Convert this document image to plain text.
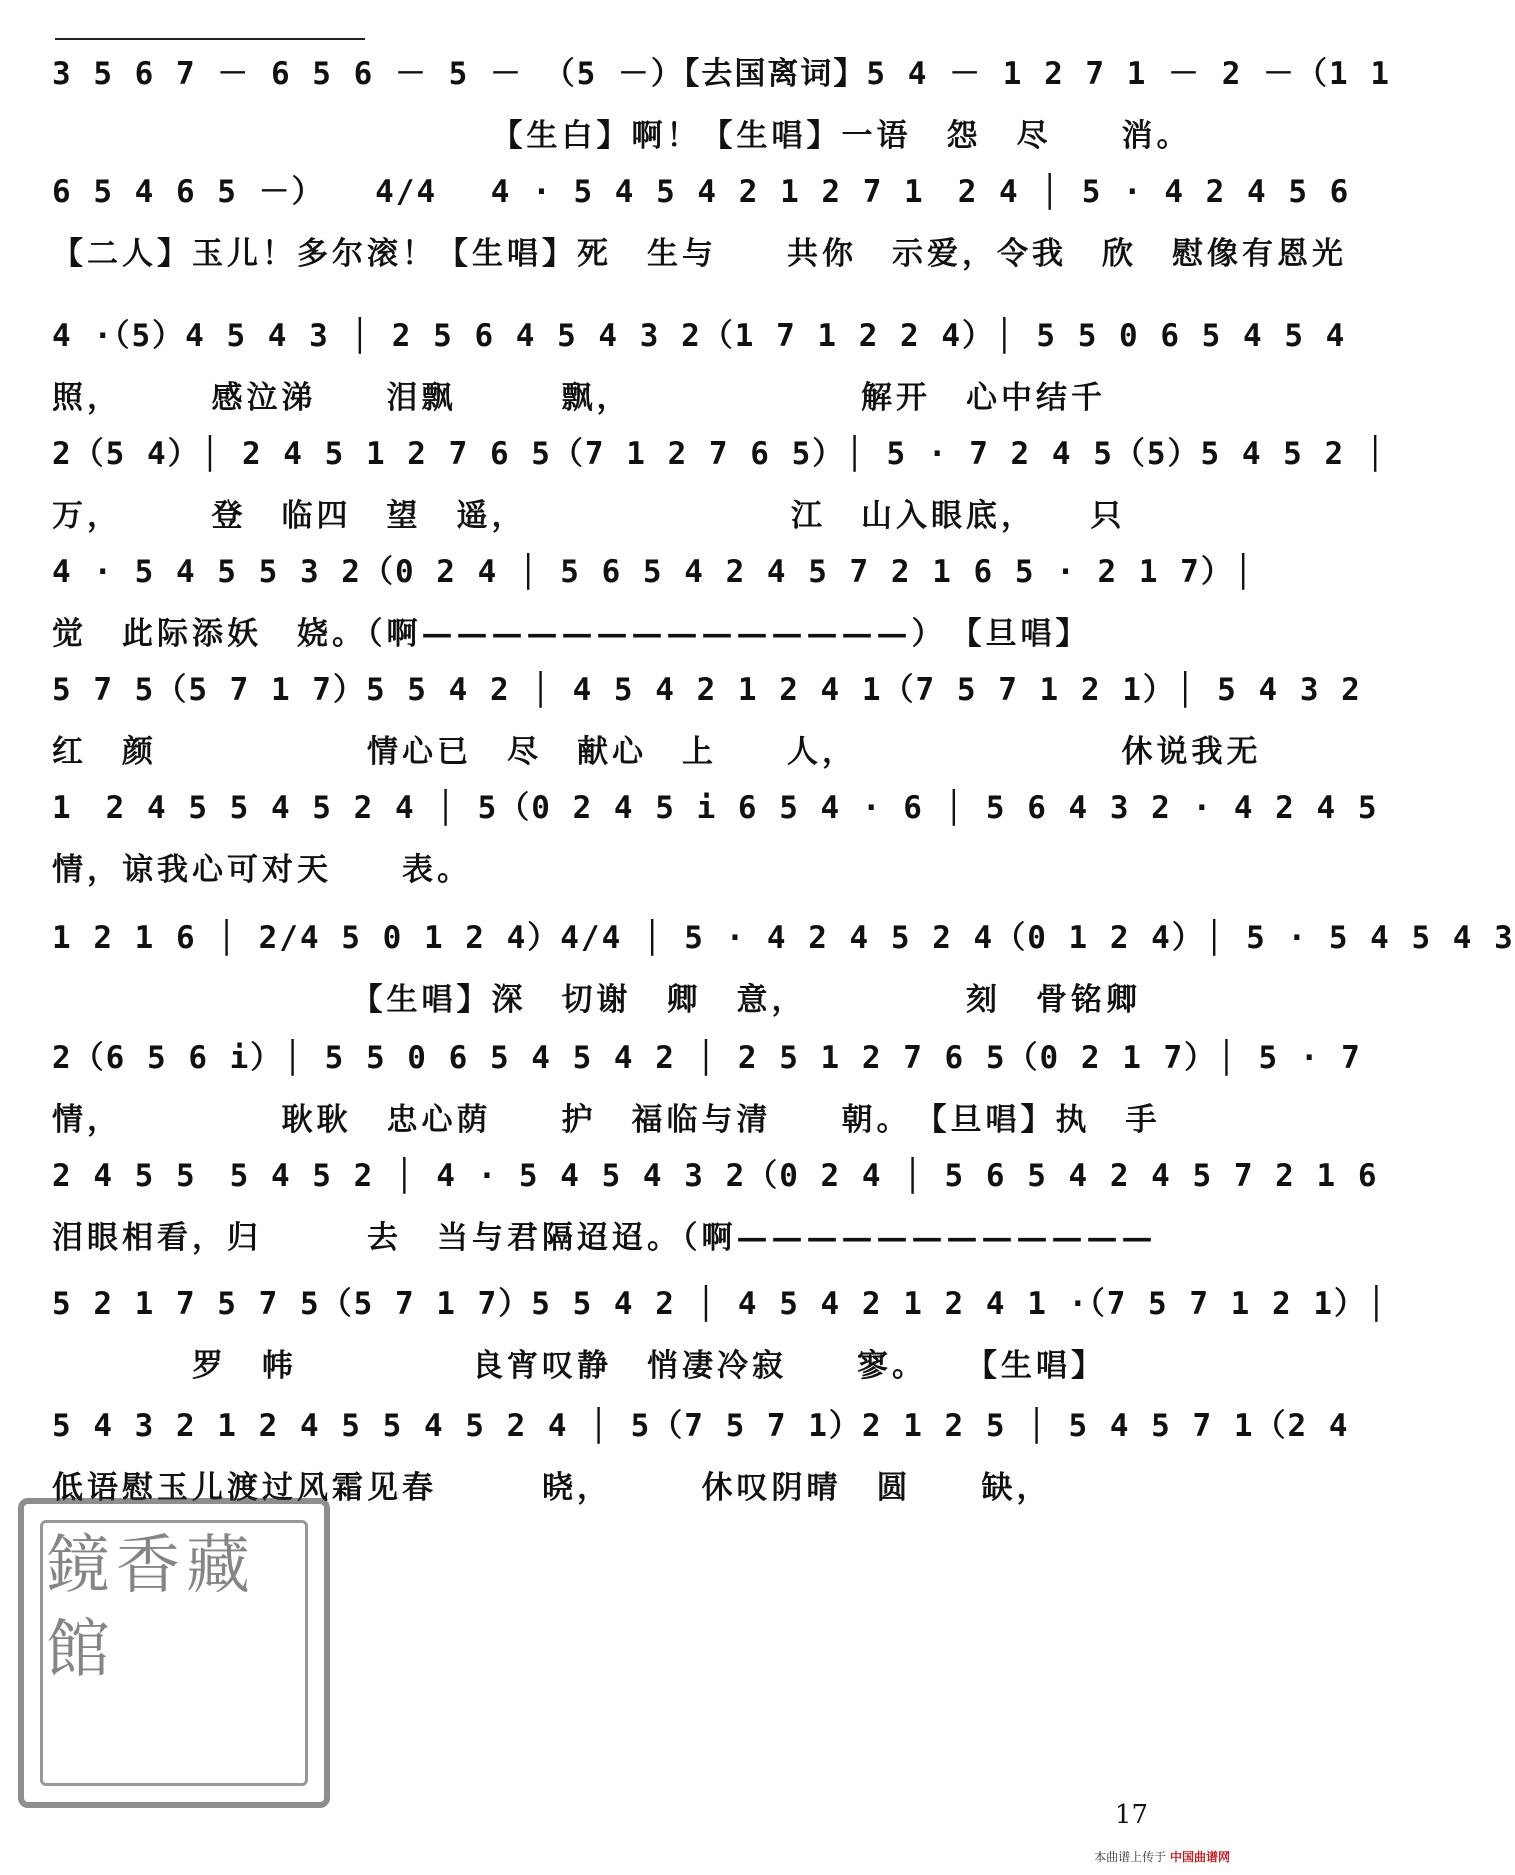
3 5 6 7 － 6 5 6 － 5 － （5 －）【去国离词】5 4 － 1 2 7 1 － 2 －（1 1
　　　　　　　　　　　　　【生白】啊！【生唱】一语　怨　尽　　消。
6 5 4 6 5 －）　　4/4　 4 · 5 4 5 4 2 1 2 7 1　2 4 │ 5 · 4 2 4 5 6
【二人】玉儿！多尔滚！【生唱】死　生与　　共你　示爱，令我　欣　慰像有恩光
4 ·（5）4 5 4 3 │ 2 5 6 4 5 4 3 2（1 7 1 2 2 4）│ 5 5 0 6 5 4 5 4
照，　　　感泣涕　　泪飘　　　飘，　　　　　　　解开　心中结千
2（5 4）│ 2 4 5 1 2 7 6 5（7 1 2 7 6 5）│ 5 · 7 2 4 5（5）5 4 5 2 │
万，　　　登　临四　望　遥，　　　　　　　　江　山入眼底，　　只
4 · 5 4 5 5 3 2（0 2 4 │ 5 6 5 4 2 4 5 7 2 1 6 5 · 2 1 7）│
觉　此际添妖　娆。（啊——————————————）　【旦唱】
5 7 5（5 7 1 7）5 5 4 2 │ 4 5 4 2 1 2 4 1（7 5 7 1 2 1）│ 5 4 3 2
红　颜　　　　　　情心已　尽　献心　上　　人，　　　　　　　　休说我无
1　2 4 5 5 4 5 2 4 │ 5（0 2 4 5 i 6 5 4 · 6 │ 5 6 4 3 2 · 4 2 4 5
情，谅我心可对天　　表。
1 2 1 6 │ 2/4 5 0 1 2 4）4/4 │ 5 · 4 2 4 5 2 4（0 1 2 4）│ 5 · 5 4 5 4 3
　　　　　　　　　【生唱】深　切谢　卿　意，　　　　　刻　骨铭卿
2（6 5 6 i）│ 5 5 0 6 5 4 5 4 2 │ 2 5 1 2 7 6 5（0 2 1 7）│ 5 · 7
情，　　　　　耿耿　忠心荫　　护　福临与清　　朝。　【旦唱】执　手
2 4 5 5　5 4 5 2 │ 4 · 5 4 5 4 3 2（0 2 4 │ 5 6 5 4 2 4 5 7 2 1 6
泪眼相看，归　　　去　当与君隔迢迢。（啊————————————
5 2 1 7 5 7 5（5 7 1 7）5 5 4 2 │ 4 5 4 2 1 2 4 1 ·（7 5 7 1 2 1）│
　　　　罗　帏　　　　　良宵叹静　悄凄冷寂　　寥。　　【生唱】
5 4 3 2 1 2 4 5 5 4 5 2 4 │ 5（7 5 7 1）2 1 2 5 │ 5 4 5 7 1（2 4
低语慰玉儿渡过风霜见春　　　晓，　　　休叹阴晴　圆　　缺，
鏡香藏館
17
本曲谱上传于 中国曲谱网
